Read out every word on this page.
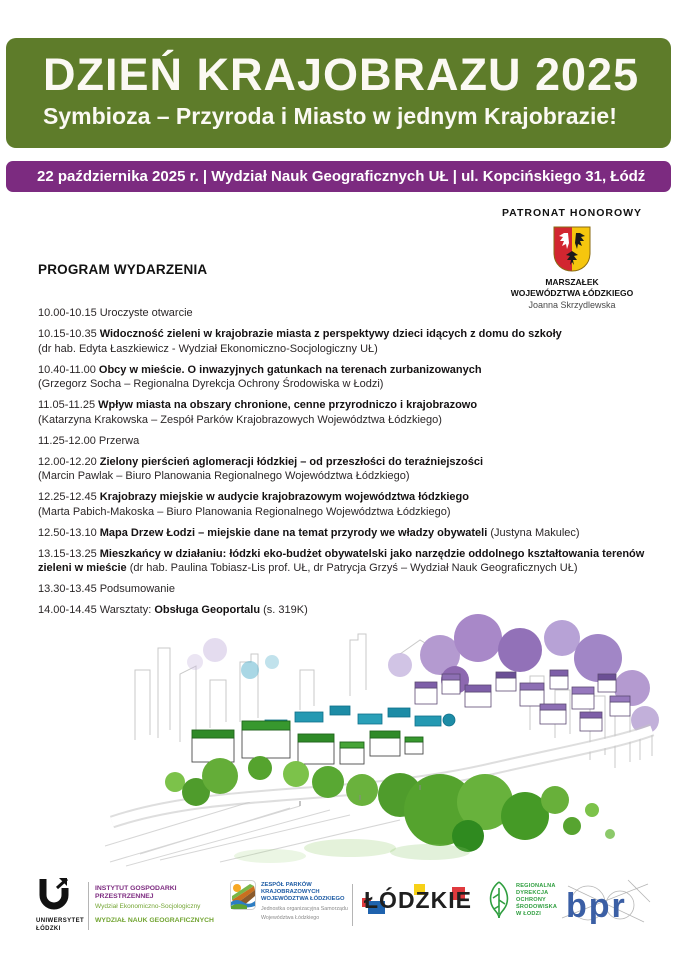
DZIEŃ KRAJOBRAZU 2025
Symbioza – Przyroda i Miasto w jednym Krajobrazie!
22 października 2025 r. | Wydział Nauk Geograficznych UŁ | ul. Kopcińskiego 31, Łódź
PATRONAT HONOROWY
MARSZAŁEK
WOJEWÓDZTWA ŁÓDZKIEGO
Joanna Skrzydlewska
PROGRAM WYDARZENIA
10.00-10.15 Uroczyste otwarcie
10.15-10.35 Widoczność zieleni w krajobrazie miasta z perspektywy dzieci idących z domu do szkoły
(dr hab. Edyta Łaszkiewicz - Wydział Ekonomiczno-Socjologiczny UŁ)
10.40-11.00 Obcy w mieście. O inwazyjnych gatunkach na terenach zurbanizowanych
(Grzegorz Socha – Regionalna Dyrekcja Ochrony Środowiska w Łodzi)
11.05-11.25 Wpływ miasta na obszary chronione, cenne przyrodniczo i krajobrazowo
(Katarzyna Krakowska – Zespół Parków Krajobrazowych Województwa Łódzkiego)
11.25-12.00 Przerwa
12.00-12.20 Zielony pierścień aglomeracji łódzkiej – od przeszłości do teraźniejszości
(Marcin Pawlak – Biuro Planowania Regionalnego Województwa Łódzkiego)
12.25-12.45 Krajobrazy miejskie w audycie krajobrazowym województwa łódzkiego
(Marta Pabich-Makoska – Biuro Planowania Regionalnego Województwa Łódzkiego)
12.50-13.10 Mapa Drzew Łodzi – miejskie dane na temat przyrody we władzy obywateli (Justyna Makulec)
13.15-13.25 Mieszkańcy w działaniu: łódzki eko-budżet obywatelski jako narzędzie oddolnego kształtowania terenów zieleni w mieście (dr hab. Paulina Tobiasz-Lis prof. UŁ, dr Patrycja Grzyś – Wydział Nauk Geograficznych UŁ)
13.30-13.45 Podsumowanie
14.00-14.45 Warsztaty: Obsługa Geoportalu (s. 319K)
UNIWERSYTET
ŁÓDZKI
INSTYTUT GOSPODARKI PRZESTRZENNEJ
Wydział Ekonomiczno-Socjologiczny
WYDZIAŁ NAUK GEOGRAFICZNYCH
ZESPÓŁ PARKÓW
KRAJOBRAZOWYCH
WOJEWÓDZTWA ŁÓDZKIEGO
Jednostka organizacyjna Samorządu
Województwa Łódzkiego
ŁÓDZKIE
REGIONALNA
DYREKCJA
OCHRONY
ŚRODOWISKA
W ŁODZI bpr
